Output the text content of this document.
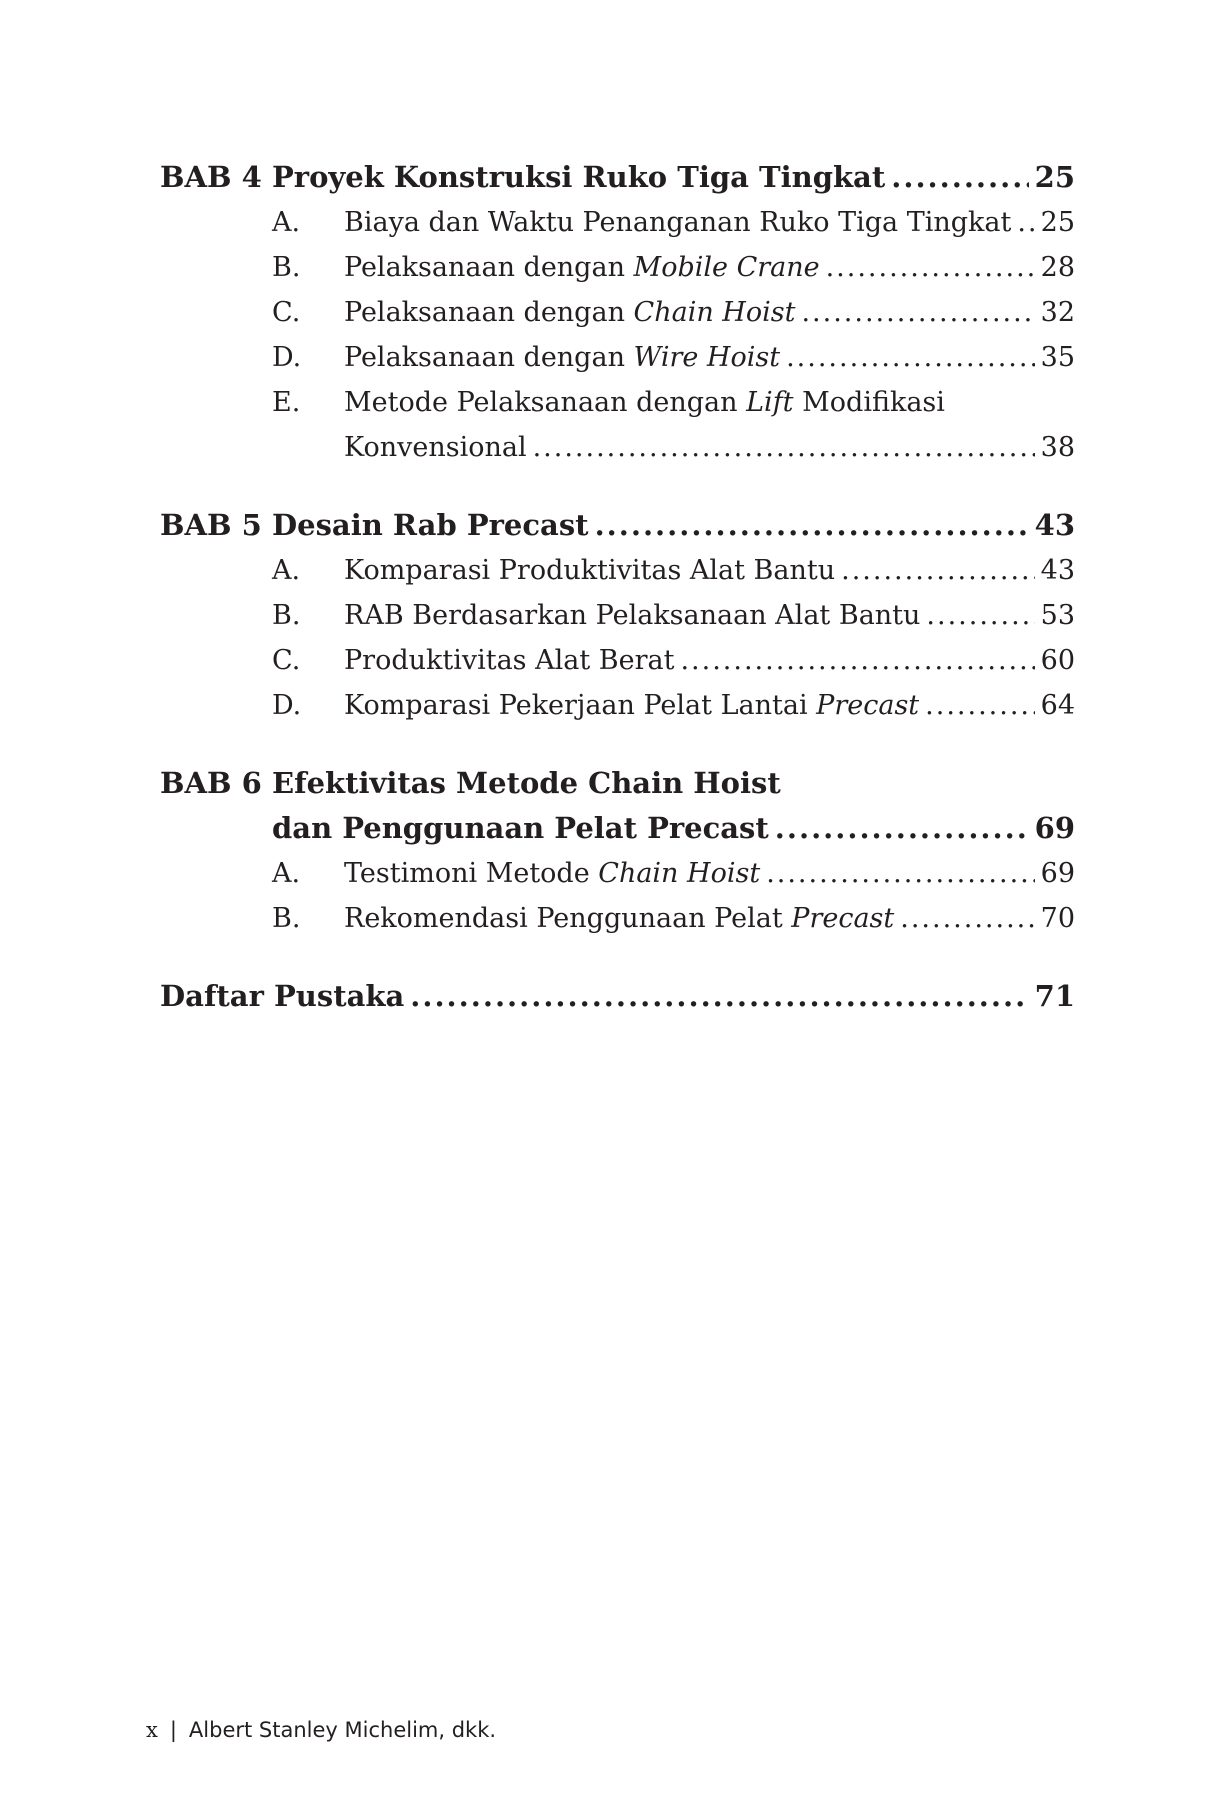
BAB 4 Proyek Konstruksi Ruko Tiga Tingkat .....	25
A.	Biaya dan Waktu Penanganan Ruko Tiga Tingkat ..... 25
B.	Pelaksanaan dengan Mobile Crane .....	28
C.	Pelaksanaan dengan Chain Hoist .....	32
D.	Pelaksanaan dengan Wire Hoist .....	35
E.	Metode Pelaksanaan dengan Lift Modifikasi
Konvensional .....	38
BAB 5 Desain Rab Precast .....	43
A.	Komparasi Produktivitas Alat Bantu .....	43
B.	RAB Berdasarkan Pelaksanaan Alat Bantu .....	53
C.	Produktivitas Alat Berat .....	60
D.	Komparasi Pekerjaan Pelat Lantai Precast .....	64
BAB 6 Efektivitas Metode Chain Hoist
dan Penggunaan Pelat Precast .....	69
A.	Testimoni Metode Chain Hoist .....	69
B.	Rekomendasi Penggunaan Pelat Precast .....	70
Daftar Pustaka .....	71
x | Albert Stanley Michelim, dkk.
